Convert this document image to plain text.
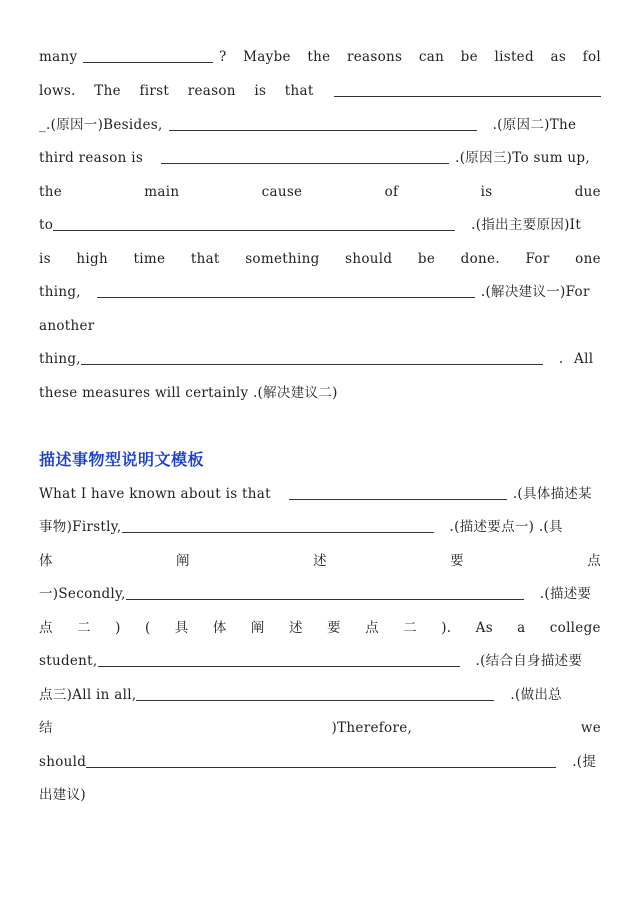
many	? Maybe the reasons can be listed as fol
lows. The first reason is that
_.(原因一)Besides,	.(原因二)The
third reason is	.(原因三)To sum up,
the	main	cause	of	is	due
to	.(指出主要原因)It
is high time that something should be done. For one
thing,	.(解决建议一)For
another
thing,	. All
these measures will certainly .(解决建议二)
描述事物型说明文模板
What I have known about is that	.(具体描述某
事物)Firstly,	.(描述要点一) .(具
体	阐	述	要	点
一)Secondly,	.(描述要
点 二 ) ( 具 体 阐 述 要 点 二 ). As a college
student,	.(结合自身描述要
点三)All in all,	.(做出总
结	)Therefore,	we
should	.(提
出建议)
